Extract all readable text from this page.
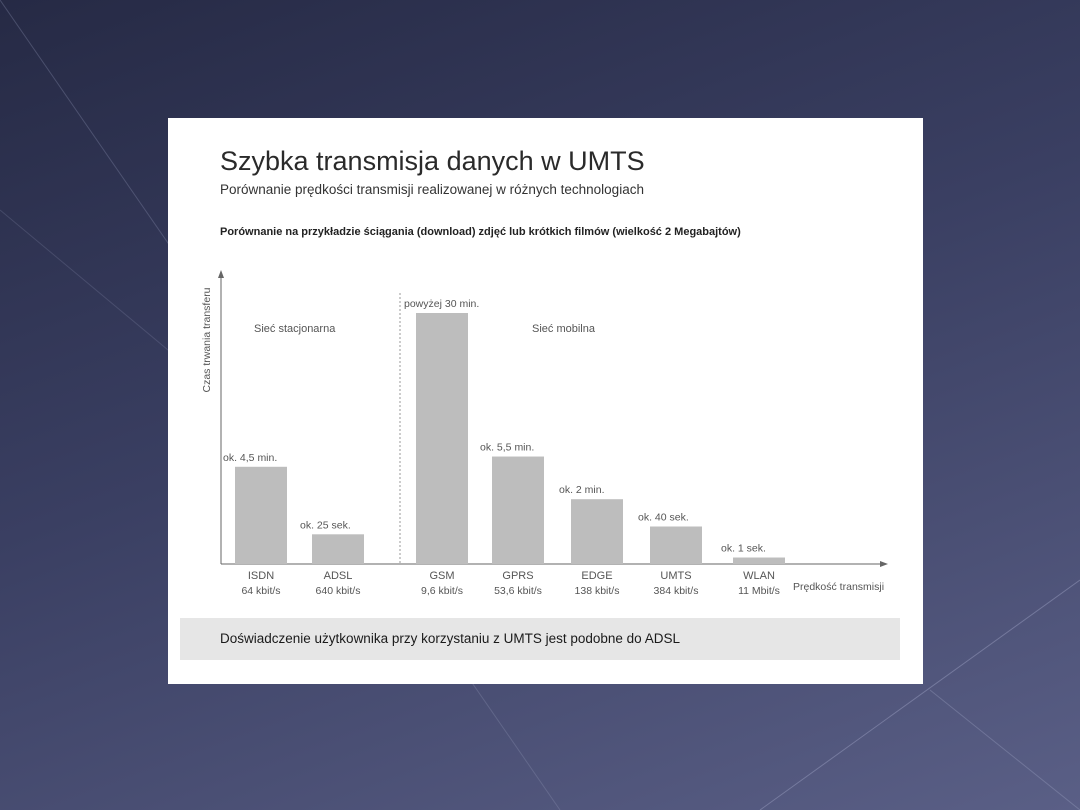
Szybka transmisja danych w UMTS
Porównanie prędkości transmisji realizowanej w różnych technologiach
Porównanie na przykładzie ściągania (download) zdjęć lub krótkich filmów (wielkość 2 Megabajtów)
Czas trwania transferu
Prędkość transmisji
Sieć stacjonarna	Sieć mobilna
ok. 4,5 min.
ISDN
64 kbit/s
ok. 25 sek.
ADSL
640 kbit/s
powyżej 30 min.
GSM
9,6 kbit/s
ok. 5,5 min.
GPRS
53,6 kbit/s
ok. 2 min.
EDGE
138 kbit/s
ok. 40 sek.
UMTS
384 kbit/s
ok. 1 sek.
WLAN
11 Mbit/s
Doświadczenie użytkownika przy korzystaniu z UMTS jest podobne do ADSL
